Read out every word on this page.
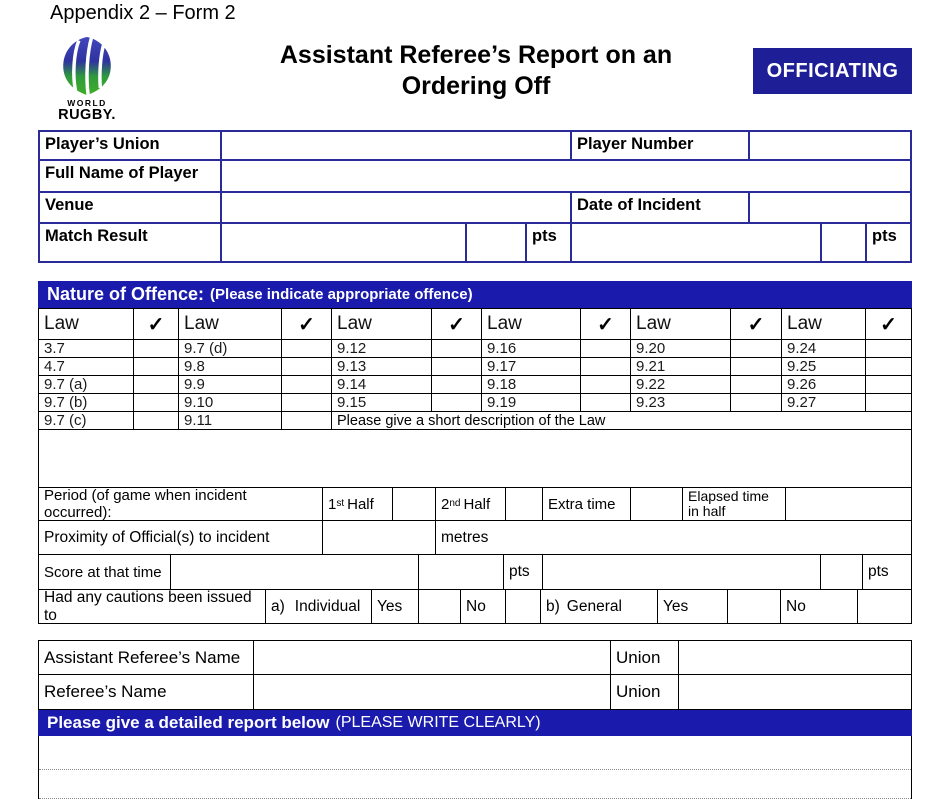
Appendix 2 – Form 2
WORLD
RUGBY.
Assistant Referee’s Report on an
Ordering Off
OFFICIATING
Player’s Union	Player Number
Full Name of Player
Venue	Date of Incident
Match Result	pts	pts
Nature of Offence: (Please indicate appropriate offence)
Law	✓	Law	✓	Law	✓	Law	✓	Law	✓	Law	✓
3.7	9.7 (d)	9.12	9.16	9.20	9.24
4.7	9.8	9.13	9.17	9.21	9.25
9.7 (a)	9.9	9.14	9.18	9.22	9.26
9.7 (b)	9.10	9.15	9.19	9.23	9.27
9.7 (c)	9.11	Please give a short description of the Law
Period (of game when incident occurred):	1 st Half	2 nd Half	Extra time	Elapsed time
in half
Proximity of Official(s) to incident	metres
Score at that time	pts	pts
Had any cautions been issued to
a) Individual	Yes	No	b) General	Yes	No
Assistant Referee’s Name	Union
Referee’s Name	Union
Please give a detailed report below (PLEASE WRITE CLEARLY)
